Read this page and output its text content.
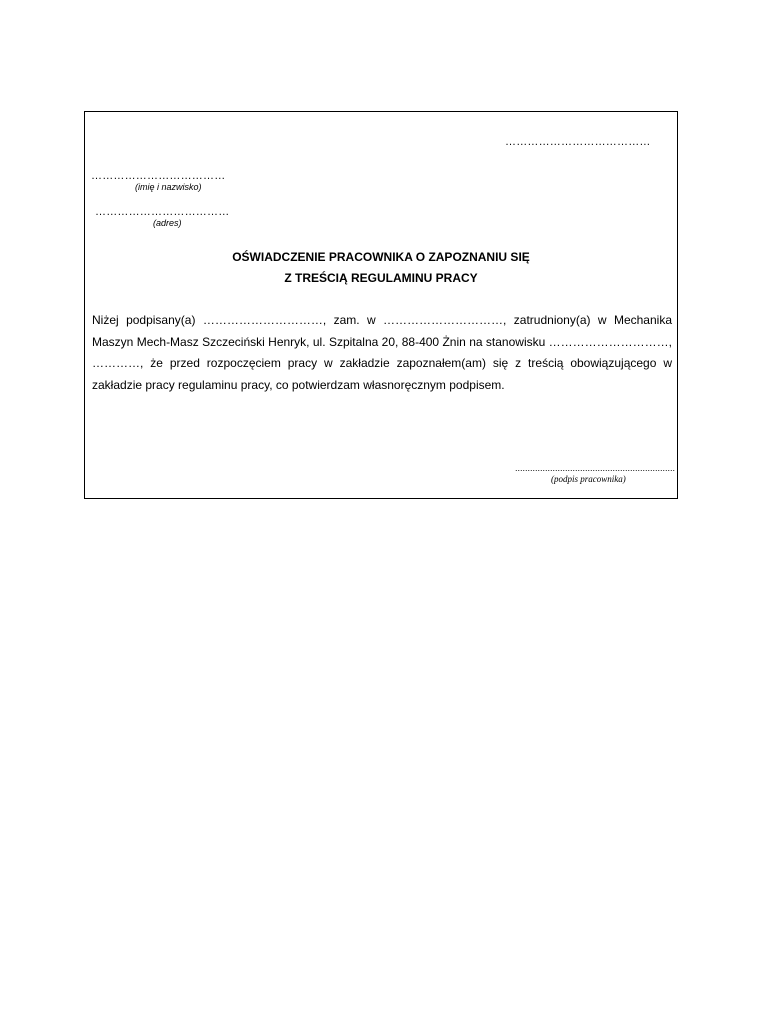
…………………………………
………………………………
(imię i nazwisko)
………………………………
(adres)
OŚWIADCZENIE PRACOWNIKA O ZAPOZNANIU SIĘ
Z TREŚCIĄ REGULAMINU PRACY
Niżej podpisany(a) …………………………, zam. w …………………………, zatrudniony(a) w Mechanika Maszyn Mech-Masz Szczeciński Henryk, ul. Szpitalna 20, 88-400 Żnin na stanowisku …………………………, …………, że przed rozpoczęciem pracy w zakładzie zapoznałem(am) się z treścią obowiązującego w zakładzie pracy regulaminu pracy, co potwierdzam własnoręcznym podpisem.
................................................................
(podpis pracownika)
